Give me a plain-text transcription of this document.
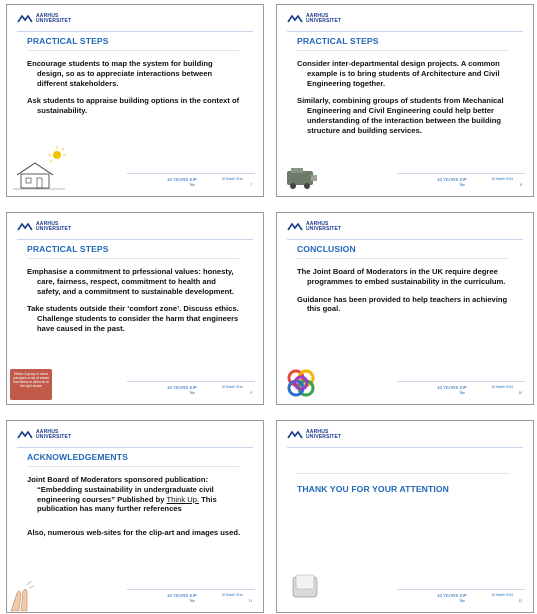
AARHUS
UNIVERSITET
PRACTICAL STEPS

Encourage students to map the system for building design, so as to appreciate interactions between different stakeholders.

Ask students to appraise building options in the context of sustainability.

10 YEARS KIP
Title
20 March 2014
7
AARHUS
UNIVERSITET
PRACTICAL STEPS

Consider inter-departmental design projects. A common example is to bring students of Architecture and Civil Engineering together.

Similarly, combining groups of students from Mechanical Engineering and Civil Engineering could help better understanding of the interaction between the building structure and building services.

10 YEARS KIP
Title
20 March 2014
8
AARHUS
UNIVERSITET
PRACTICAL STEPS

Emphasise a commitment to prfessional values: honesty, care, fairness, respect, commitment to health and safety, and a commitment to sustainable development.

Take students outside their ‘comfort zone’. Discuss ethics. Challenge students to consider the harm that engineers have caused in the past.

Ethics: A group of moral principles or set of values that define or direct us to the right choice	10 YEARS KIP
Title
20 March 2014
9
AARHUS
UNIVERSITET
CONCLUSION

The Joint Board of Moderators in the UK require degree programmes to embed sustainability in the curriculum.

Guidance has been provided to help teachers in achieving this goal.

10 YEARS KIP
Title
20 March 2014
10
AARHUS
UNIVERSITET
ACKNOWLEDGEMENTS

Joint Board of Moderators sponsored publication: “Embedding sustainability in undergraduate civil engineering courses” Published by Think Up. This publication has many further references

Also, numerous web-sites for the clip-art and images used.

10 YEARS KIP
Title
20 March 2014
11
AARHUS
UNIVERSITET
THANK YOU FOR YOUR ATTENTION
10 YEARS KIP
Title
20 March 2014
12
